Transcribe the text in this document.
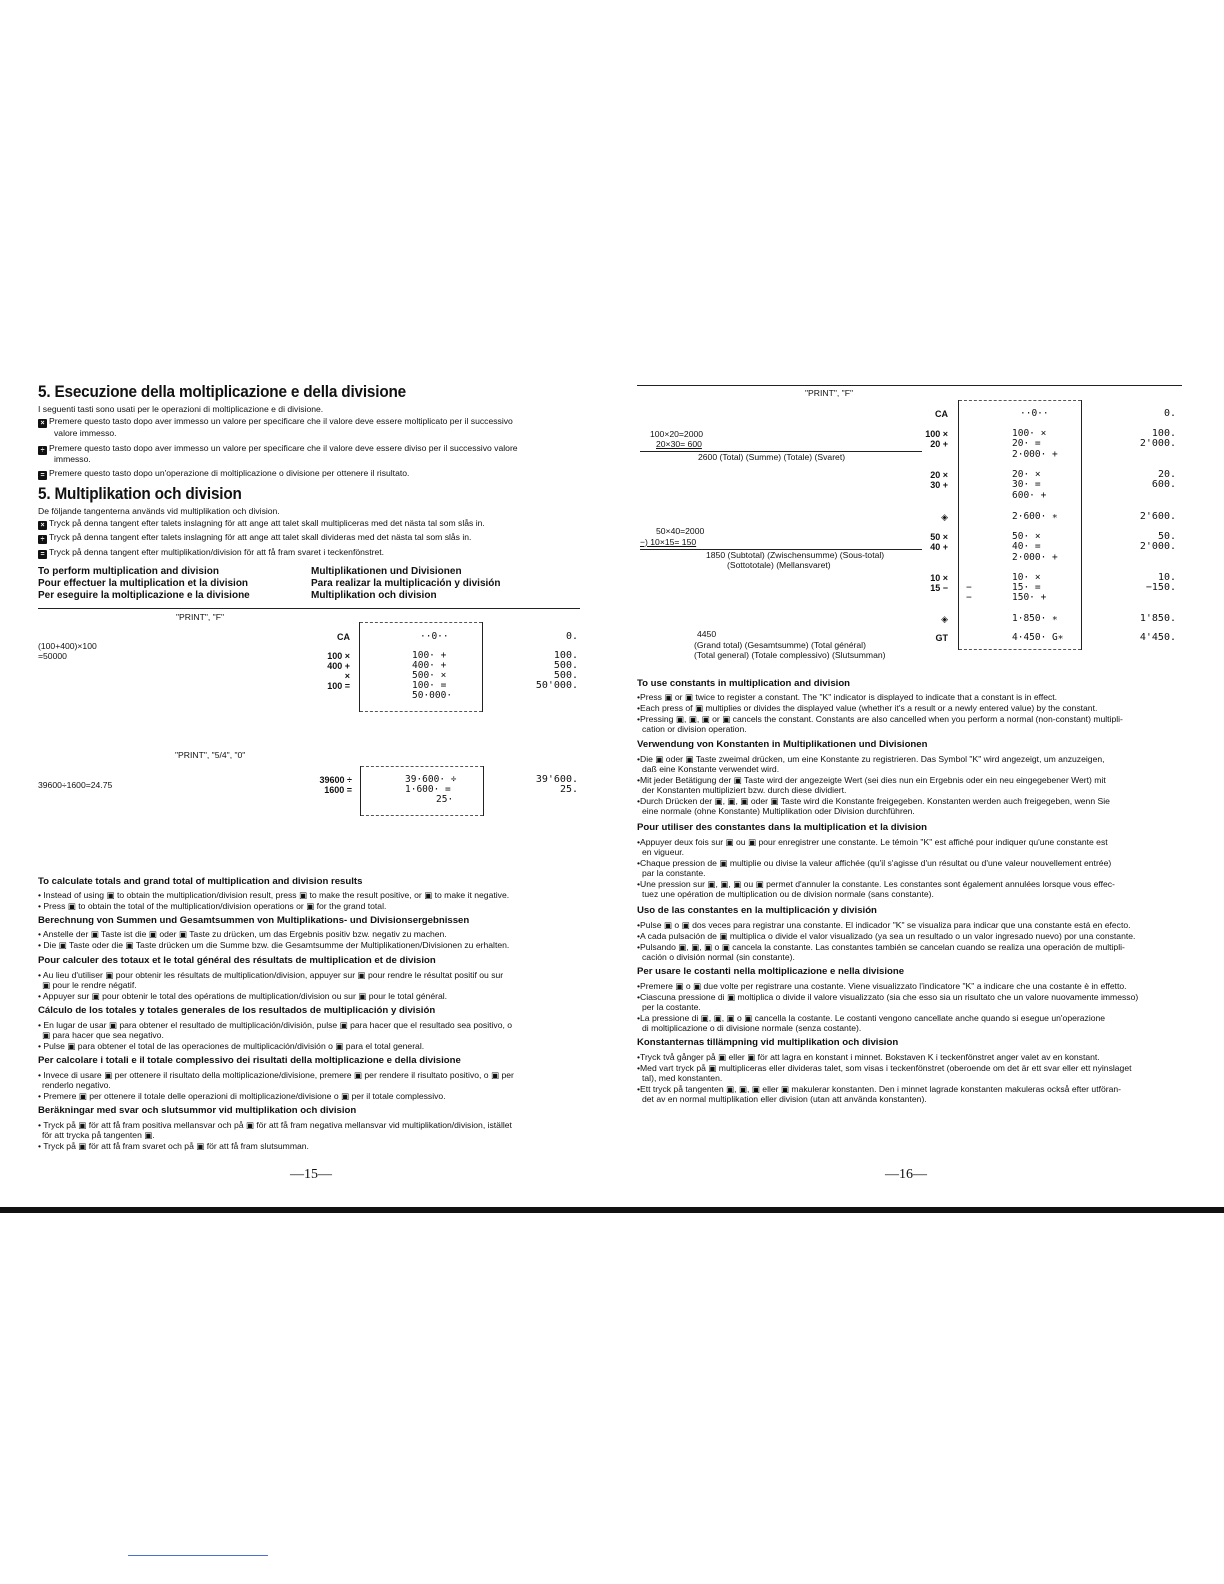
5. Esecuzione della moltiplicazione e della divisione
I seguenti tasti sono usati per le operazioni di moltiplicazione e di divisione.
× Premere questo tasto dopo aver immesso un valore per specificare che il valore deve essere moltiplicato per il successivo
valore immesso.
÷ Premere questo tasto dopo aver immesso un valore per specificare che il valore deve essere diviso per il successivo valore
immesso.
= Premere questo tasto dopo un'operazione di moltiplicazione o divisione per ottenere il risultato.
5. Multiplikation och division
De följande tangenterna används vid multiplikation och division.
× Tryck på denna tangent efter talets inslagning för att ange att talet skall multipliceras med det nästa tal som slås in.
÷ Tryck på denna tangent efter talets inslagning för att ange att talet skall divideras med det nästa tal som slås in.
= Tryck på denna tangent efter multiplikation/division för att få fram svaret i teckenfönstret.
To perform multiplication and division
Pour effectuer la multiplication et la division
Per eseguire la moltiplicazione e la divisione
Multiplikationen und Divisionen
Para realizar la multiplicación y división
Multiplikation och division
"PRINT", "F"
(100+400)×100
=50000
CA
100 ×
400 +
×
100 =
··0··
100· +
400· +
500· ×
100· =
50·000·
0.
100.
500.
500.
50'000.
"PRINT", "5/4", "0"
39600÷1600=24.75	39600 ÷
1600 =
39·600· ÷
1·600· =
25·
39'600.
25.
To calculate totals and grand total of multiplication and division results
• Instead of using ▣ to obtain the multiplication/division result, press ▣ to make the result positive, or ▣ to make it negative.
• Press ▣ to obtain the total of the multiplication/division operations or ▣ for the grand total.
Berechnung von Summen und Gesamtsummen von Multiplikations- und Divisionsergebnissen
• Anstelle der ▣ Taste ist die ▣ oder ▣ Taste zu drücken, um das Ergebnis positiv bzw. negativ zu machen.
• Die ▣ Taste oder die ▣ Taste drücken um die Summe bzw. die Gesamtsumme der Multiplikationen/Divisionen zu erhalten.
Pour calculer des totaux et le total général des résultats de multiplication et de division
• Au lieu d'utiliser ▣ pour obtenir les résultats de multiplication/division, appuyer sur ▣ pour rendre le résultat positif ou sur
▣ pour le rendre négatif.
• Appuyer sur ▣ pour obtenir le total des opérations de multiplication/division ou sur ▣ pour le total général.
Cálculo de los totales y totales generales de los resultados de multiplicación y división
• En lugar de usar ▣ para obtener el resultado de multiplicación/división, pulse ▣ para hacer que el resultado sea positivo, o
▣ para hacer que sea negativo.
• Pulse ▣ para obtener el total de las operaciones de multiplicación/división o ▣ para el total general.
Per calcolare i totali e il totale complessivo dei risultati della moltiplicazione e della divisione
• Invece di usare ▣ per ottenere il risultato della moltiplicazione/divisione, premere ▣ per rendere il risultato positivo, o ▣ per
renderlo negativo.
• Premere ▣ per ottenere il totale delle operazioni di moltiplicazione/divisione o ▣ per il totale complessivo.
Beräkningar med svar och slutsummor vid multiplikation och division
• Tryck på ▣ för att få fram positiva mellansvar och på ▣ för att få fram negativa mellansvar vid multiplikation/division, istället
för att trycka på tangenten ▣.
• Tryck på ▣ för att få fram svaret och på ▣ för att få fram slutsumman.
—15—
"PRINT", "F"
100×20=2000
20×30= 600
2600 (Total) (Summe) (Totale) (Svaret)
50×40=2000
−) 10×15= 150
1850 (Subtotal) (Zwischensumme) (Sous-total)
(Sottototale) (Mellansvaret)
4450
(Grand total) (Gesamtsumme) (Total général)
(Total general) (Totale complessivo) (Slutsumman)
CA
100 ×
20 +
20 ×
30 +
◈
50 ×
40 +
10 ×
15 −
◈
GT
··0··
100· ×
20· =
2·000· +
20· ×
30· =
600· +
2·600· ∗
50· ×
40· =
2·000· +
10· ×
15· =
150· +
1·850· ∗
4·450· G∗
−
−
0.
100.
2'000.
20.
600.
2'600.
50.
2'000.
10.
−150.
1'850.
4'450.
To use constants in multiplication and division
•Press ▣ or ▣ twice to register a constant. The "K" indicator is displayed to indicate that a constant is in effect.
•Each press of ▣ multiplies or divides the displayed value (whether it's a result or a newly entered value) by the constant.
•Pressing ▣, ▣, ▣ or ▣ cancels the constant. Constants are also cancelled when you perform a normal (non-constant) multipli-
cation or division operation.
Verwendung von Konstanten in Multiplikationen und Divisionen
•Die ▣ oder ▣ Taste zweimal drücken, um eine Konstante zu registrieren. Das Symbol "K" wird angezeigt, um anzuzeigen,
daß eine Konstante verwendet wird.
•Mit jeder Betätigung der ▣ Taste wird der angezeigte Wert (sei dies nun ein Ergebnis oder ein neu eingegebener Wert) mit
der Konstanten multipliziert bzw. durch diese dividiert.
•Durch Drücken der ▣, ▣, ▣ oder ▣ Taste wird die Konstante freigegeben. Konstanten werden auch freigegeben, wenn Sie
eine normale (ohne Konstante) Multiplikation oder Division durchführen.
Pour utiliser des constantes dans la multiplication et la division
•Appuyer deux fois sur ▣ ou ▣ pour enregistrer une constante. Le témoin "K" est affiché pour indiquer qu'une constante est
en vigueur.
•Chaque pression de ▣ multiplie ou divise la valeur affichée (qu'il s'agisse d'un résultat ou d'une valeur nouvellement entrée)
par la constante.
•Une pression sur ▣, ▣, ▣ ou ▣ permet d'annuler la constante. Les constantes sont également annulées lorsque vous effec-
tuez une opération de multiplication ou de division normale (sans constante).
Uso de las constantes en la multiplicación y división
•Pulse ▣ o ▣ dos veces para registrar una constante. El indicador "K" se visualiza para indicar que una constante está en efecto.
•A cada pulsación de ▣ multiplica o divide el valor visualizado (ya sea un resultado o un valor ingresado nuevo) por una constante.
•Pulsando ▣, ▣, ▣ o ▣ cancela la constante. Las constantes también se cancelan cuando se realiza una operación de multipli-
cación o división normal (sin constante).
Per usare le costanti nella moltiplicazione e nella divisione
•Premere ▣ o ▣ due volte per registrare una costante. Viene visualizzato l'indicatore "K" a indicare che una costante è in effetto.
•Ciascuna pressione di ▣ moltiplica o divide il valore visualizzato (sia che esso sia un risultato che un valore nuovamente immesso)
per la costante.
•La pressione di ▣, ▣, ▣ o ▣ cancella la costante. Le costanti vengono cancellate anche quando si esegue un'operazione
di moltiplicazione o di divisione normale (senza costante).
Konstanternas tillämpning vid multiplikation och division
•Tryck två gånger på ▣ eller ▣ för att lagra en konstant i minnet. Bokstaven K i teckenfönstret anger valet av en konstant.
•Med vart tryck på ▣ multipliceras eller divideras talet, som visas i teckenfönstret (oberoende om det är ett svar eller ett nyinslaget
tal), med konstanten.
•Ett tryck på tangenten ▣, ▣, ▣ eller ▣ makulerar konstanten. Den i minnet lagrade konstanten makuleras också efter utföran-
det av en normal multiplikation eller division (utan att använda konstanten).
—16—
